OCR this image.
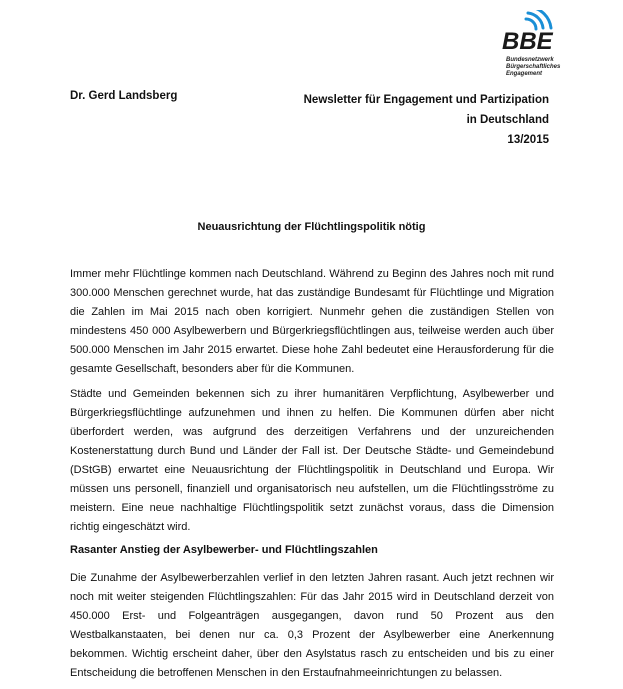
BBE
Bundesnetzwerk
Bürgerschaftliches
Engagement
Dr. Gerd Landsberg	Newsletter für Engagement und Partizipation
in Deutschland
13/2015
Neuausrichtung der Flüchtlingspolitik nötig
Immer mehr Flüchtlinge kommen nach Deutschland. Während zu Beginn des Jahres noch mit rund 300.000 Menschen gerechnet wurde, hat das zuständige Bundesamt für Flüchtlinge und Migration die Zahlen im Mai 2015 nach oben korrigiert. Nunmehr gehen die zuständigen Stellen von mindestens 450 000 Asylbewerbern und Bürgerkriegsflüchtlingen aus, teilweise werden auch über 500.000 Menschen im Jahr 2015 erwartet. Diese hohe Zahl bedeutet eine Herausforderung für die gesamte Gesellschaft, besonders aber für die Kommunen.
Städte und Gemeinden bekennen sich zu ihrer humanitären Verpflichtung, Asylbewerber und Bürgerkriegsflüchtlinge aufzunehmen und ihnen zu helfen. Die Kommunen dürfen aber nicht überfordert werden, was aufgrund des derzeitigen Verfahrens und der unzureichenden Kostenerstattung durch Bund und Länder der Fall ist. Der Deutsche Städte- und Gemeindebund (DStGB) erwartet eine Neuausrichtung der Flüchtlingspolitik in Deutschland und Europa. Wir müssen uns personell, finanziell und organisatorisch neu aufstellen, um die Flüchtlingsströme zu meistern. Eine neue nachhaltige Flüchtlingspolitik setzt zunächst voraus, dass die Dimension richtig eingeschätzt wird.
Rasanter Anstieg der Asylbewerber- und Flüchtlingszahlen
Die Zunahme der Asylbewerberzahlen verlief in den letzten Jahren rasant. Auch jetzt rechnen wir noch mit weiter steigenden Flüchtlingszahlen: Für das Jahr 2015 wird in Deutschland derzeit von 450.000 Erst- und Folgeanträgen ausgegangen, davon rund 50 Prozent aus den Westbalkanstaaten, bei denen nur ca. 0,3 Prozent der Asylbewerber eine Anerkennung bekommen. Wichtig erscheint daher, über den Asylstatus rasch zu entscheiden und bis zu einer Entscheidung die betroffenen Menschen in den Erstaufnahmeeinrichtungen zu belassen.
